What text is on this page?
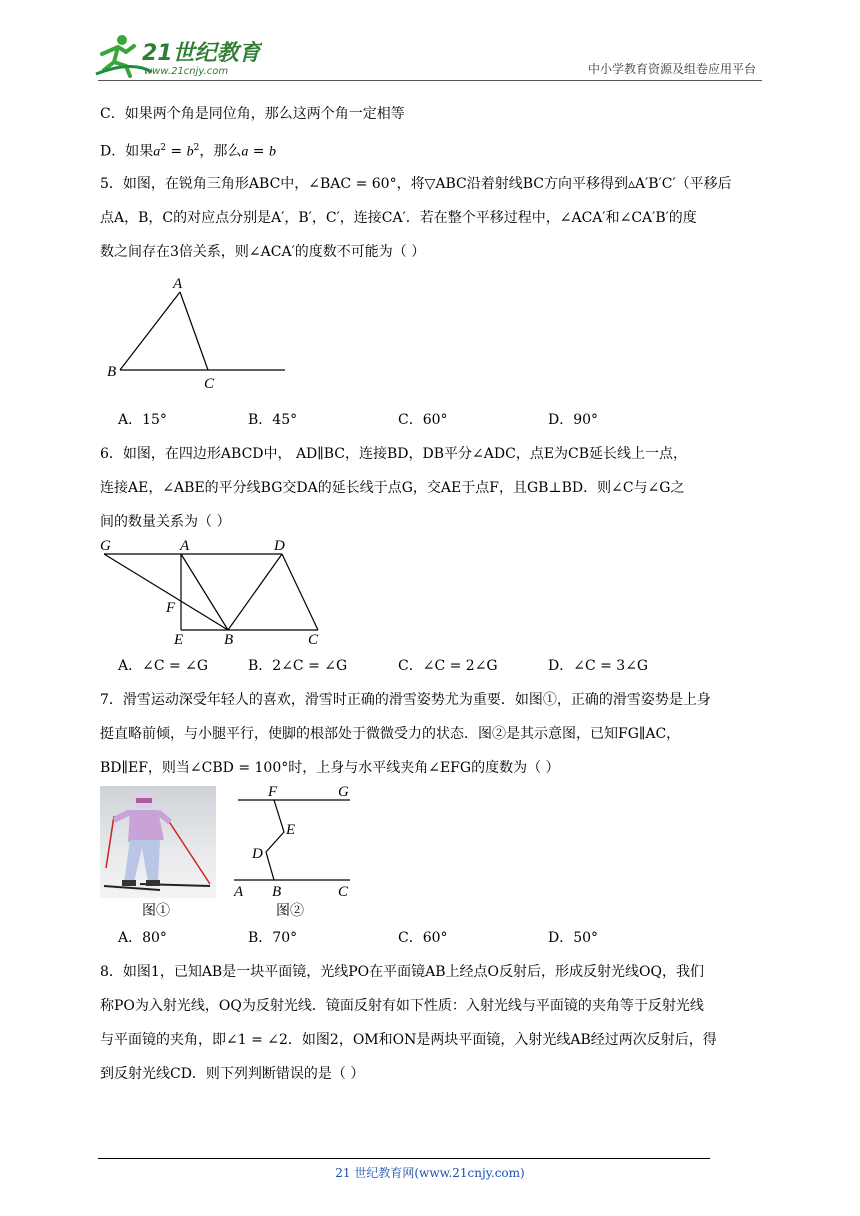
21世纪教育
www.21cnjy.com	中小学教育资源及组卷应用平台
C．如果两个角是同位角，那么这两个角一定相等
D．如果$a^2 = b^2$，那么a = b
5．如图，在锐角三角形ABC中，∠BAC = 60°，将▽ABC沿着射线BC方向平移得到▵A′B′C′（平移后
点A，B，C的对应点分别是A′，B′，C′，连接CA′．若在整个平移过程中，∠ACA′和∠CA′B′的度
数之间存在3倍关系，则∠ACA′的度数不可能为（ ）
A
B
C
A．15°	B．45°	C．60°	D．90°
6．如图，在四边形ABCD中， AD∥BC，连接BD，DB平分∠ADC，点E为CB延长线上一点，
连接AE，∠ABE的平分线BG交DA的延长线于点G，交AE于点F，且GB⊥BD．则∠C与∠G之
间的数量关系为（ ）
G	A	D
F
E	B	C
A．∠C = ∠G	B．2∠C = ∠G	C．∠C = 2∠G	D．∠C = 3∠G
7．滑雪运动深受年轻人的喜欢，滑雪时正确的滑雪姿势尤为重要．如图①，正确的滑雪姿势是上身
挺直略前倾，与小腿平行，使脚的根部处于微微受力的状态．图②是其示意图，已知FG∥AC，
BD∥EF，则当∠CBD = 100°时，上身与水平线夹角∠EFG的度数为（ ）
图①
F	G
E
D
A B	C
图②
A．80°	B．70°	C．60°	D．50°
8．如图1，已知AB是一块平面镜，光线PO在平面镜AB上经点O反射后，形成反射光线OQ，我们
称PO为入射光线，OQ为反射光线．镜面反射有如下性质：入射光线与平面镜的夹角等于反射光线
与平面镜的夹角，即∠1 = ∠2．如图2，OM和ON是两块平面镜，入射光线AB经过两次反射后，得
到反射光线CD．则下列判断错误的是（ ）
21 世纪教育网(www.21cnjy.com)
